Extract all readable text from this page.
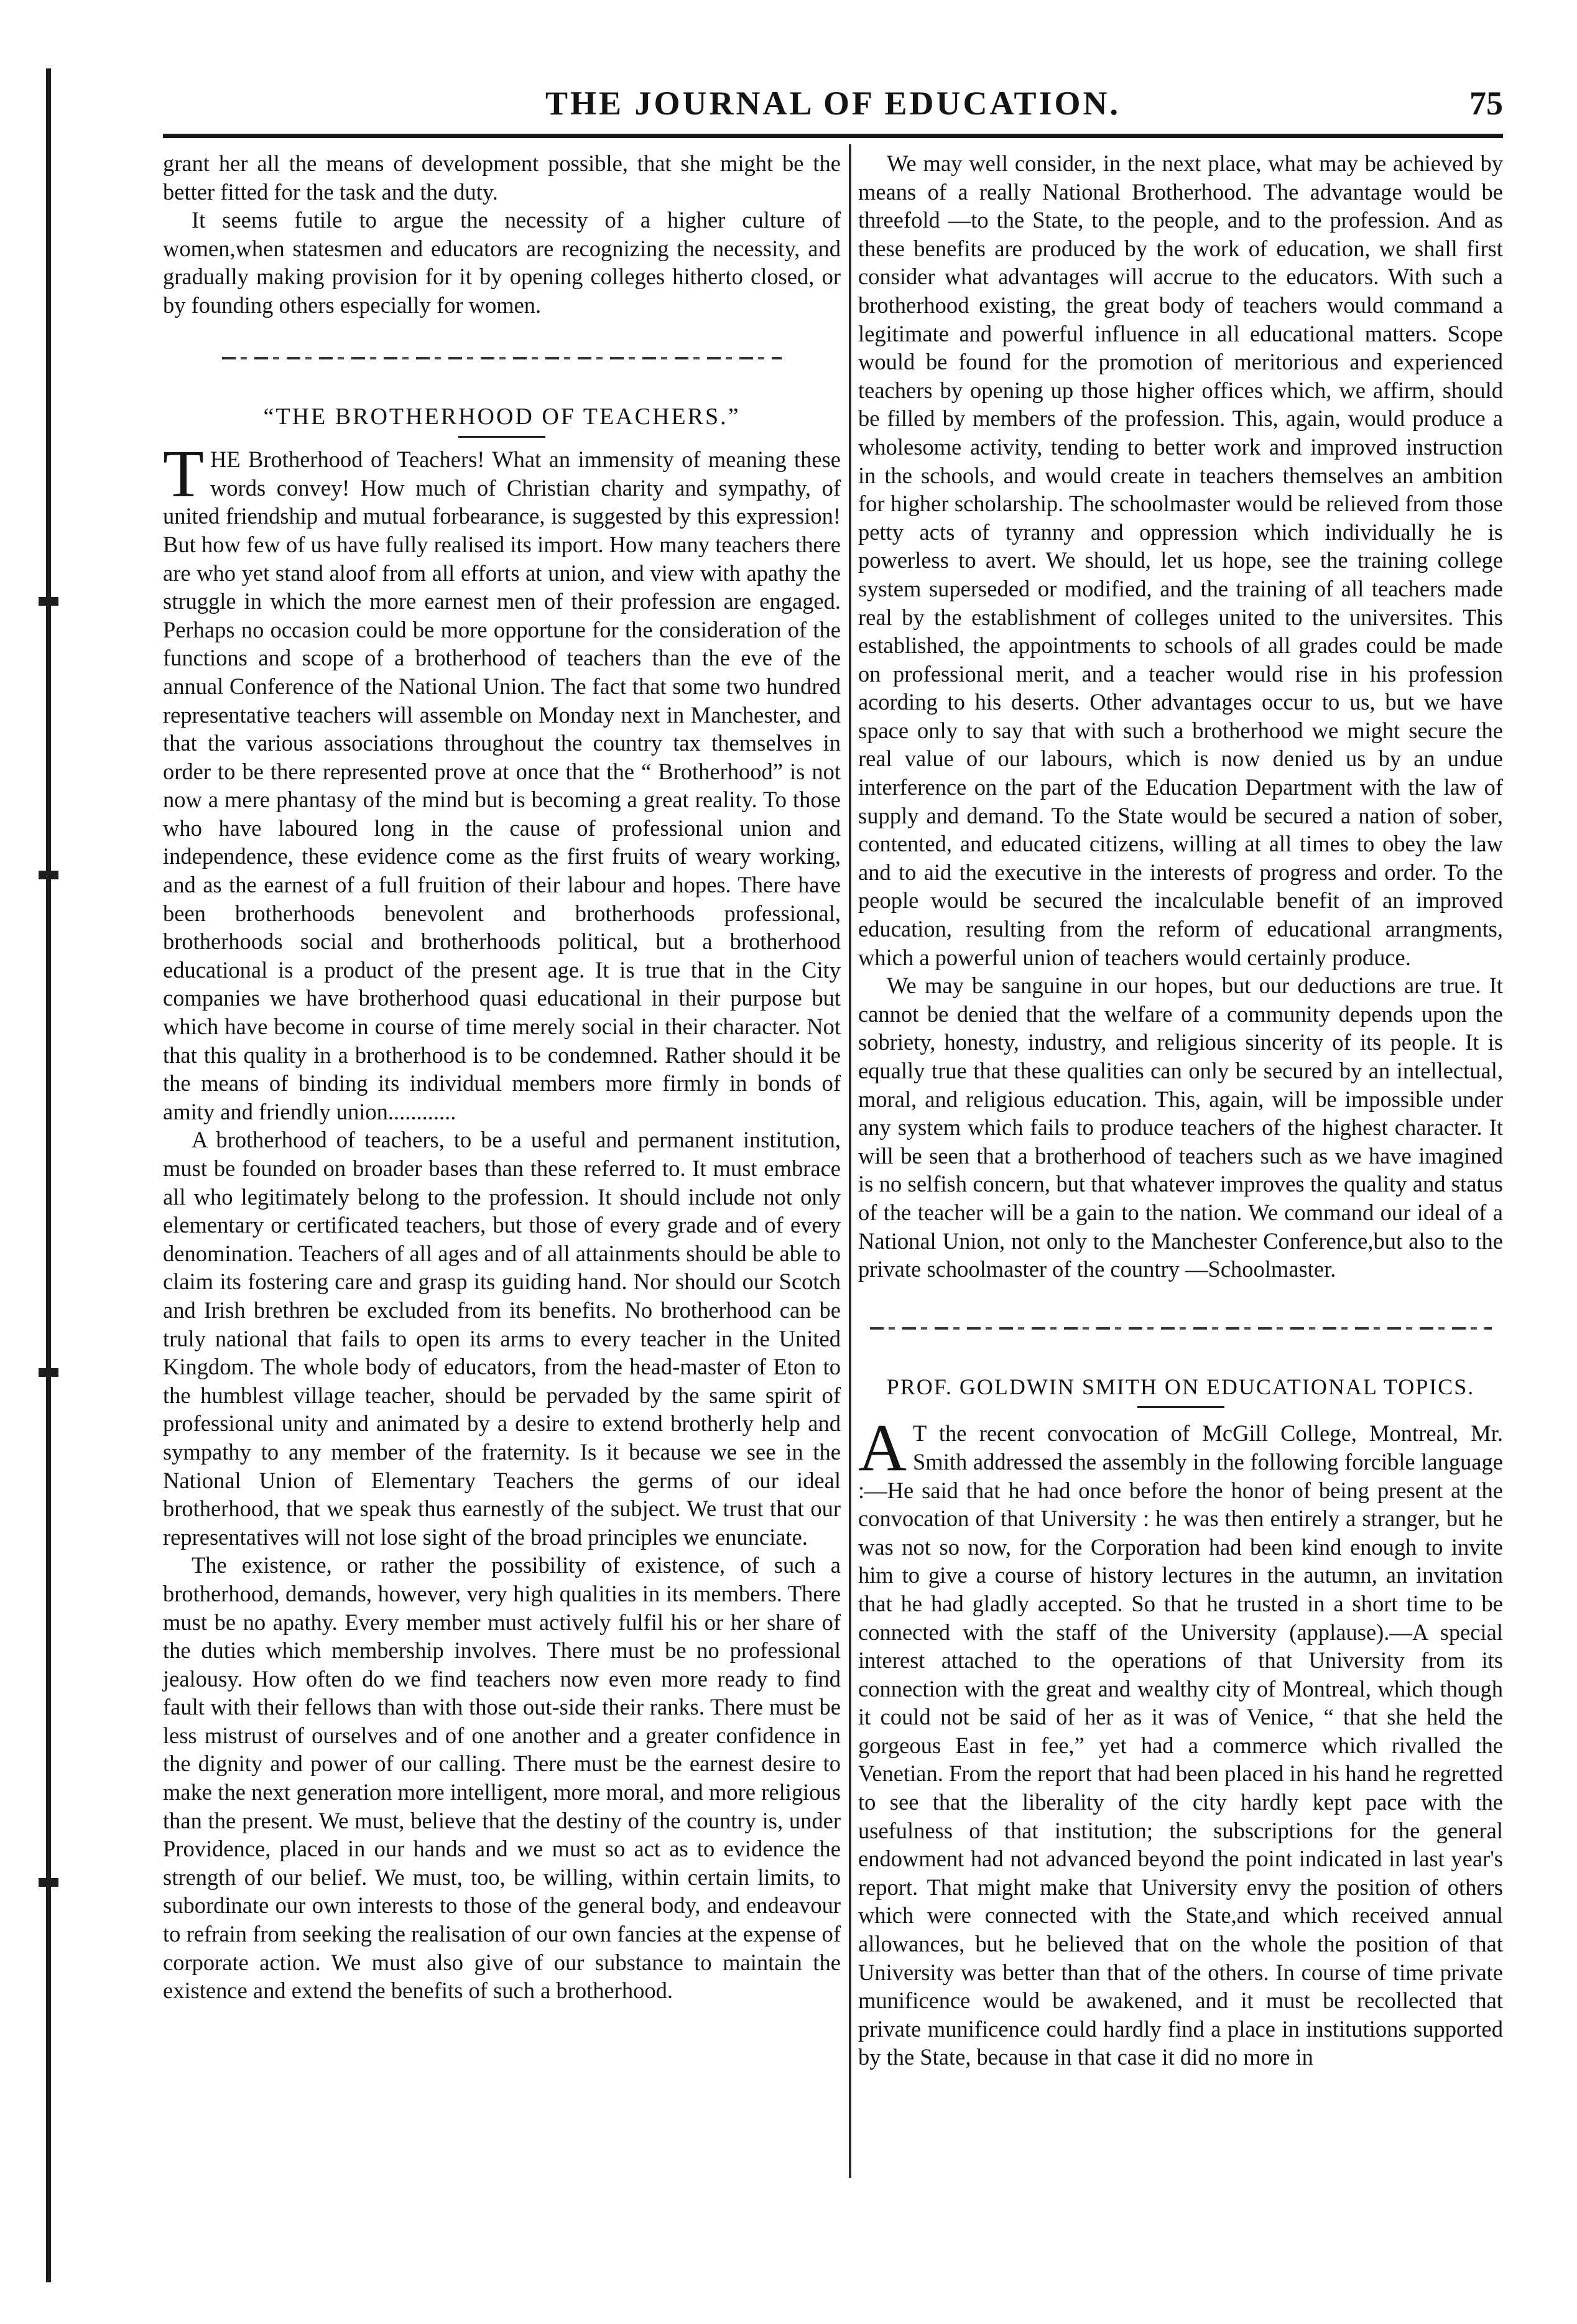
THE JOURNAL OF EDUCATION.	75

grant her all the means of development possible, that she might be the better fitted for the task and the duty.

It seems futile to argue the necessity of a higher culture of women,when statesmen and educators are recognizing the necessity, and gradually making provision for it by opening colleges hitherto closed, or by founding others especially for women.

“THE BROTHERHOOD OF TEACHERS.”

THE Brotherhood of Teachers! What an immensity of meaning these words convey! How much of Christian charity and sympathy, of united friendship and mutual forbearance, is suggested by this expression! But how few of us have fully realised its import. How many teachers there are who yet stand aloof from all efforts at union, and view with apathy the struggle in which the more earnest men of their profession are engaged. Perhaps no occasion could be more opportune for the consideration of the functions and scope of a brotherhood of teachers than the eve of the annual Conference of the National Union. The fact that some two hundred representative teachers will assemble on Monday next in Manchester, and that the various associations throughout the country tax themselves in order to be there represented prove at once that the “ Brotherhood” is not now a mere phantasy of the mind but is becoming a great reality. To those who have laboured long in the cause of professional union and independence, these evidence come as the first fruits of weary working, and as the earnest of a full fruition of their labour and hopes. There have been brotherhoods benevolent and brotherhoods professional, brotherhoods social and brotherhoods political, but a brotherhood educational is a product of the present age. It is true that in the City companies we have brotherhood quasi educational in their purpose but which have become in course of time merely social in their character. Not that this quality in a brotherhood is to be condemned. Rather should it be the means of binding its individual members more firmly in bonds of amity and friendly union............

A brotherhood of teachers, to be a useful and permanent institution, must be founded on broader bases than these referred to. It must embrace all who legitimately belong to the profession. It should include not only elementary or certificated teachers, but those of every grade and of every denomination. Teachers of all ages and of all attainments should be able to claim its fostering care and grasp its guiding hand. Nor should our Scotch and Irish brethren be excluded from its benefits. No brotherhood can be truly national that fails to open its arms to every teacher in the United Kingdom. The whole body of educators, from the head-master of Eton to the humblest village teacher, should be pervaded by the same spirit of professional unity and animated by a desire to extend brotherly help and sympathy to any member of the fraternity. Is it because we see in the National Union of Elementary Teachers the germs of our ideal brotherhood, that we speak thus earnestly of the subject. We trust that our representatives will not lose sight of the broad principles we enunciate.

The existence, or rather the possibility of existence, of such a brotherhood, demands, however, very high qualities in its members. There must be no apathy. Every member must actively fulfil his or her share of the duties which membership involves. There must be no professional jealousy. How often do we find teachers now even more ready to find fault with their fellows than with those out-side their ranks. There must be less mistrust of ourselves and of one another and a greater confidence in the dignity and power of our calling. There must be the earnest desire to make the next generation more intelligent, more moral, and more religious than the present. We must, believe that the destiny of the country is, under Providence, placed in our hands and we must so act as to evidence the strength of our belief. We must, too, be willing, within certain limits, to subordinate our own interests to those of the general body, and endeavour to refrain from seeking the realisation of our own fancies at the expense of corporate action. We must also give of our substance to maintain the existence and extend the benefits of such a brotherhood.

We may well consider, in the next place, what may be achieved by means of a really National Brotherhood. The advantage would be threefold —to the State, to the people, and to the profession. And as these benefits are produced by the work of education, we shall first consider what advantages will accrue to the educators. With such a brotherhood existing, the great body of teachers would command a legitimate and powerful influence in all educational matters. Scope would be found for the promotion of meritorious and experienced teachers by opening up those higher offices which, we affirm, should be filled by members of the profession. This, again, would produce a wholesome activity, tending to better work and improved instruction in the schools, and would create in teachers themselves an ambition for higher scholarship. The schoolmaster would be relieved from those petty acts of tyranny and oppression which individually he is powerless to avert. We should, let us hope, see the training college system superseded or modified, and the training of all teachers made real by the establishment of colleges united to the universites. This established, the appointments to schools of all grades could be made on professional merit, and a teacher would rise in his profession acording to his deserts. Other advantages occur to us, but we have space only to say that with such a brotherhood we might secure the real value of our labours, which is now denied us by an undue interference on the part of the Education Department with the law of supply and demand. To the State would be secured a nation of sober, contented, and educated citizens, willing at all times to obey the law and to aid the executive in the interests of progress and order. To the people would be secured the incalculable benefit of an improved education, resulting from the reform of educational arrangments, which a powerful union of teachers would certainly produce.

We may be sanguine in our hopes, but our deductions are true. It cannot be denied that the welfare of a community depends upon the sobriety, honesty, industry, and religious sincerity of its people. It is equally true that these qualities can only be secured by an intellectual, moral, and religious education. This, again, will be impossible under any system which fails to produce teachers of the highest character. It will be seen that a brotherhood of teachers such as we have imagined is no selfish concern, but that whatever improves the quality and status of the teacher will be a gain to the nation. We command our ideal of a National Union, not only to the Manchester Conference,but also to the private schoolmaster of the country —Schoolmaster.

PROF. GOLDWIN SMITH ON EDUCATIONAL TOPICS.

A T the recent convocation of McGill College, Montreal, Mr. Smith addressed the assembly in the following forcible language :—He said that he had once before the honor of being present at the convocation of that University : he was then entirely a stranger, but he was not so now, for the Corporation had been kind enough to invite him to give a course of history lectures in the autumn, an invitation that he had gladly accepted. So that he trusted in a short time to be connected with the staff of the University (applause).—A special interest attached to the operations of that University from its connection with the great and wealthy city of Montreal, which though it could not be said of her as it was of Venice, “ that she held the gorgeous East in fee,” yet had a commerce which rivalled the Venetian. From the report that had been placed in his hand he regretted to see that the liberality of the city hardly kept pace with the usefulness of that institution; the subscriptions for the general endowment had not advanced beyond the point indicated in last year's report. That might make that University envy the position of others which were connected with the State,and which received annual allowances, but he believed that on the whole the position of that University was better than that of the others. In course of time private munificence would be awakened, and it must be recollected that private munificence could hardly find a place in institutions supported by the State, because in that case it did no more in
